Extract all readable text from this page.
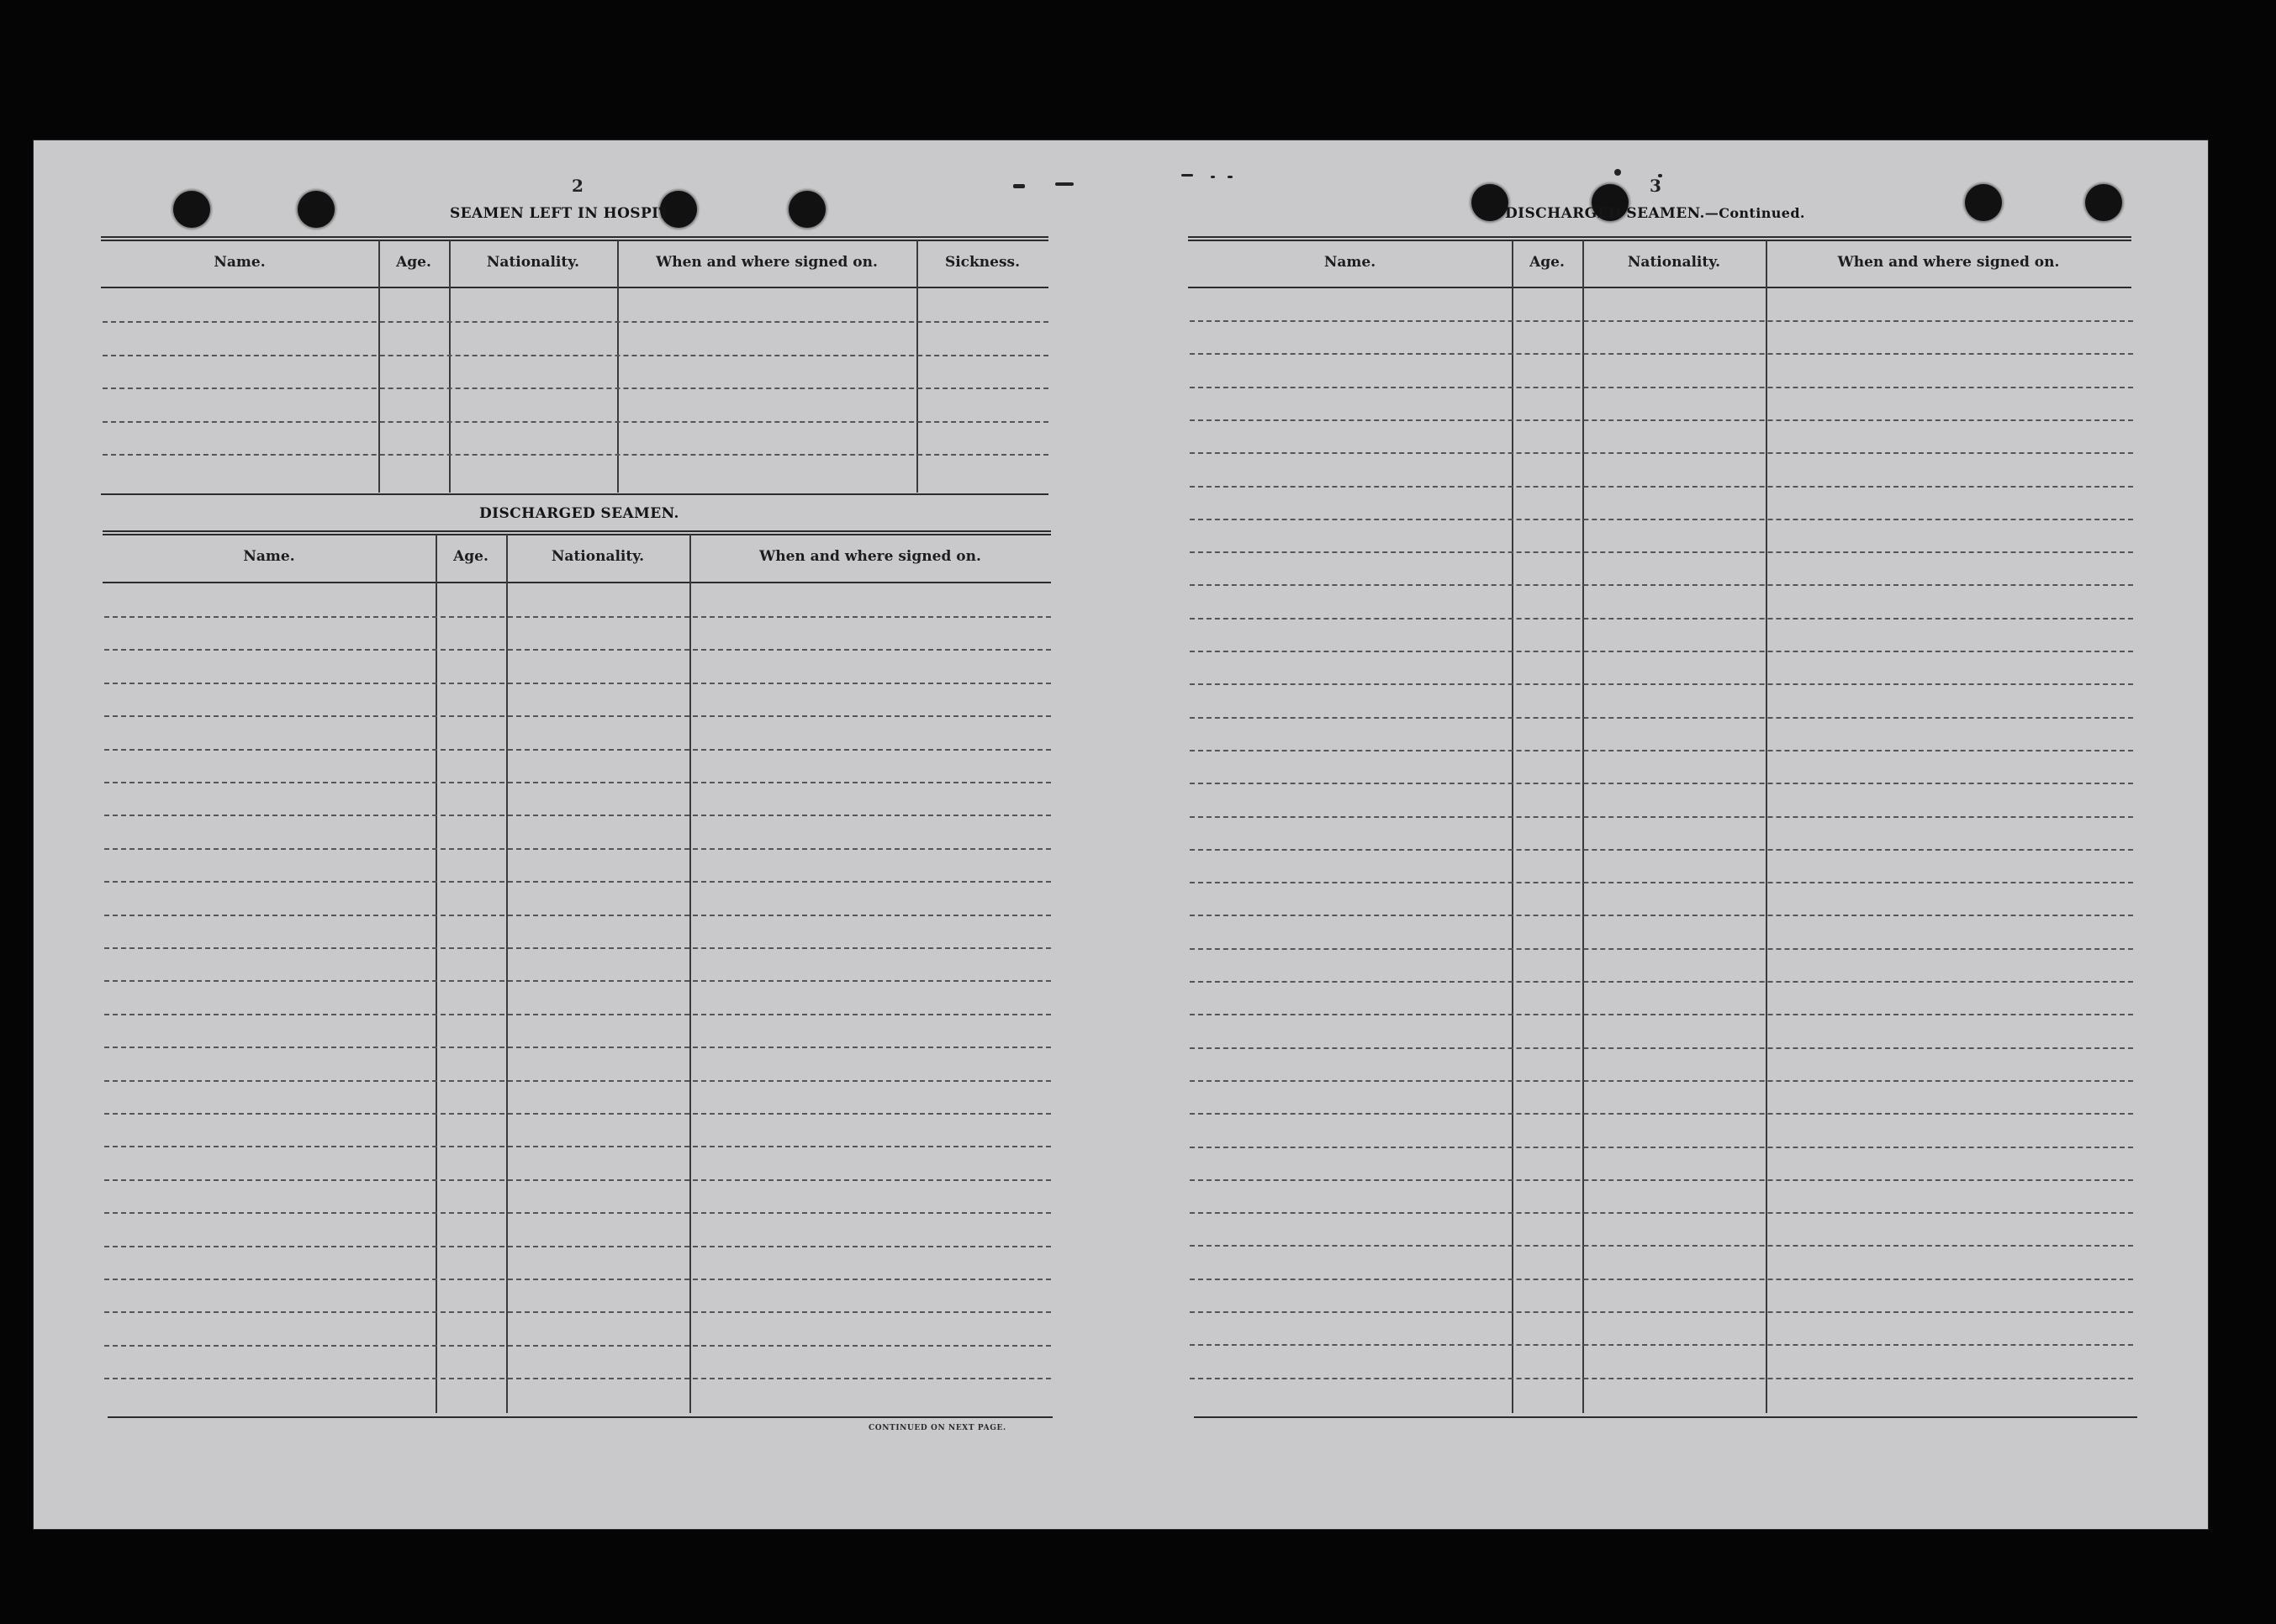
2
SEAMEN LEFT IN HOSPIT
Name.	Age.	Nationality.	When and where signed on.	Sickness.
DISCHARGED SEAMEN.
Name.	Age.	Nationality.	When and where signed on.
CONTINUED ON NEXT PAGE.
3
DISCHARGED SEAMEN.—Continued.
Name.	Age.	Nationality.	When and where signed on.
